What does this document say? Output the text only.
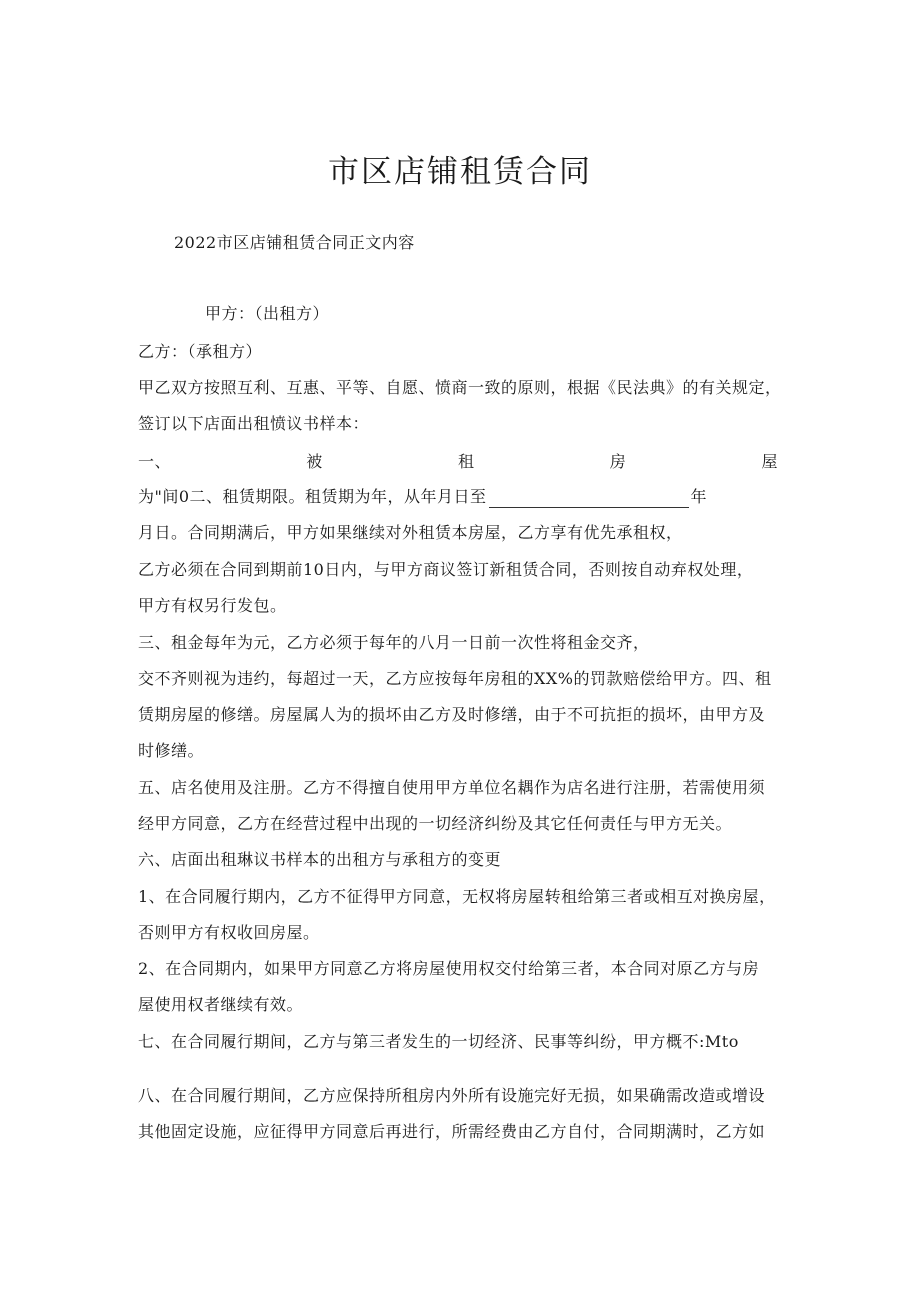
市区店铺租赁合同
2022市区店铺租赁合同正文内容
甲方：（出租方）
乙方：（承租方）
甲乙双方按照互利、互惠、平等、自愿、愤商一致的原则，根据《民法典》的有关规定，
签订以下店面出租愤议书样本：
一、	被	租	房	屋
为"间0二、租赁期限。租赁期为年，从年月日至	年
月日。合同期满后，甲方如果继续对外租赁本房屋，乙方享有优先承租权，
乙方必须在合同到期前10日内，与甲方商议签订新租赁合同，否则按自动弃权处理，
甲方有权另行发包。
三、租金每年为元，乙方必须于每年的八月一日前一次性将租金交齐，
交不齐则视为违约，每超过一天，乙方应按每年房租的XX%的罚款赔偿给甲方。四、租
赁期房屋的修缮。房屋属人为的损坏由乙方及时修缮，由于不可抗拒的损坏，由甲方及
时修缮。
五、店名使用及注册。乙方不得擅自使用甲方单位名耦作为店名进行注册，若需使用须
经甲方同意，乙方在经营过程中出现的一切经济纠纷及其它任何责任与甲方无关。
六、店面出租琳议书样本的出租方与承租方的变更
1、在合同履行期内，乙方不征得甲方同意，无权将房屋转租给第三者或相互对换房屋，
否则甲方有权收回房屋。
2、在合同期内，如果甲方同意乙方将房屋使用权交付给第三者，本合同对原乙方与房
屋使用权者继续有效。
七、在合同履行期间，乙方与第三者发生的一切经济、民事等纠纷，甲方概不:Mto
八、在合同履行期间，乙方应保持所租房内外所有设施完好无损，如果确需改造或增设
其他固定设施，应征得甲方同意后再进行，所需经费由乙方自付，合同期满时，乙方如
